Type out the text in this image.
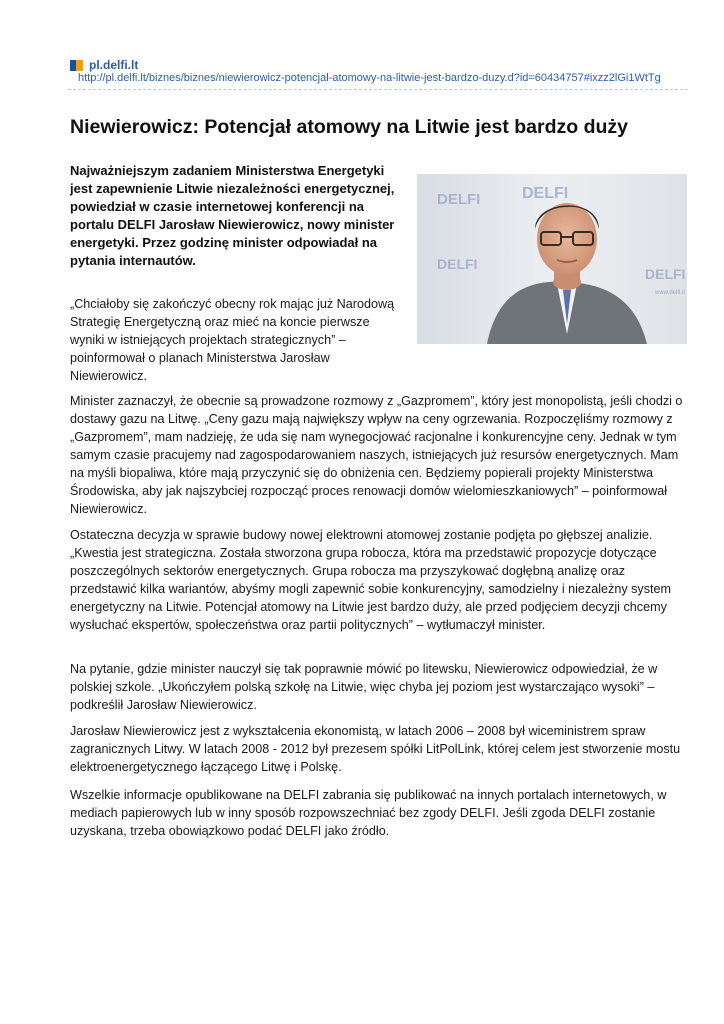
pl.delfi.lt
http://pl.delfi.lt/biznes/biznes/niewierowicz-potencjal-atomowy-na-litwie-jest-bardzo-duzy.d?id=60434757#ixzz2lGi1WtTg
Niewierowicz: Potencjał atomowy na Litwie jest bardzo duży

Najważniejszym zadaniem Ministerstwa Energetyki jest zapewnienie Litwie niezależności energetycznej, powiedział w czasie internetowej konferencji na portalu DELFI Jarosław Niewierowicz, nowy minister energetyki. Przez godzinę minister odpowiadał na pytania internautów.

DELFI	DELFI
DELFI
DELFI
www.delfi.lt

„Chciałoby się zakończyć obecny rok mając już Narodową Strategię Energetyczną oraz mieć na koncie pierwsze wyniki w istniejących projektach strategicznych” – poinformował o planach Ministerstwa Jarosław Niewierowicz.

Minister zaznaczył, że obecnie są prowadzone rozmowy z „Gazpromem”, który jest monopolistą, jeśli chodzi o dostawy gazu na Litwę. „Ceny gazu mają największy wpływ na ceny ogrzewania. Rozpoczęliśmy rozmowy z „Gazpromem”, mam nadzieję, że uda się nam wynegocjować racjonalne i konkurencyjne ceny. Jednak w tym samym czasie pracujemy nad zagospodarowaniem naszych, istniejących już resursów energetycznych. Mam na myśli biopaliwa, które mają przyczynić się do obniżenia cen. Będziemy popierali projekty Ministerstwa Środowiska, aby jak najszybciej rozpocząć proces renowacji domów wielomieszkaniowych” – poinformował Niewierowicz.

Ostateczna decyzja w sprawie budowy nowej elektrowni atomowej zostanie podjęta po głębszej analizie. „Kwestia jest strategiczna. Została stworzona grupa robocza, która ma przedstawić propozycje dotyczące poszczególnych sektorów energetycznych. Grupa robocza ma przyszykować dogłębną analizę oraz przedstawić kilka wariantów, abyśmy mogli zapewnić sobie konkurencyjny, samodzielny i niezależny system energetyczny na Litwie. Potencjał atomowy na Litwie jest bardzo duży, ale przed podjęciem decyzji chcemy wysłuchać ekspertów, społeczeństwa oraz partii politycznych” – wytłumaczył minister.

Na pytanie, gdzie minister nauczył się tak poprawnie mówić po litewsku, Niewierowicz odpowiedział, że w polskiej szkole. „Ukończyłem polską szkołę na Litwie, więc chyba jej poziom jest wystarczająco wysoki” – podkreślił Jarosław Niewierowicz.

Jarosław Niewierowicz jest z wykształcenia ekonomistą, w latach 2006 – 2008 był wiceministrem spraw zagranicznych Litwy. W latach 2008 - 2012 był prezesem spółki LitPolLink, której celem jest stworzenie mostu elektroenergetycznego łączącego Litwę i Polskę.

Wszelkie informacje opublikowane na DELFI zabrania się publikować na innych portalach internetowych, w mediach papierowych lub w inny sposób rozpowszechniać bez zgody DELFI. Jeśli zgoda DELFI zostanie uzyskana, trzeba obowiązkowo podać DELFI jako źródło.
